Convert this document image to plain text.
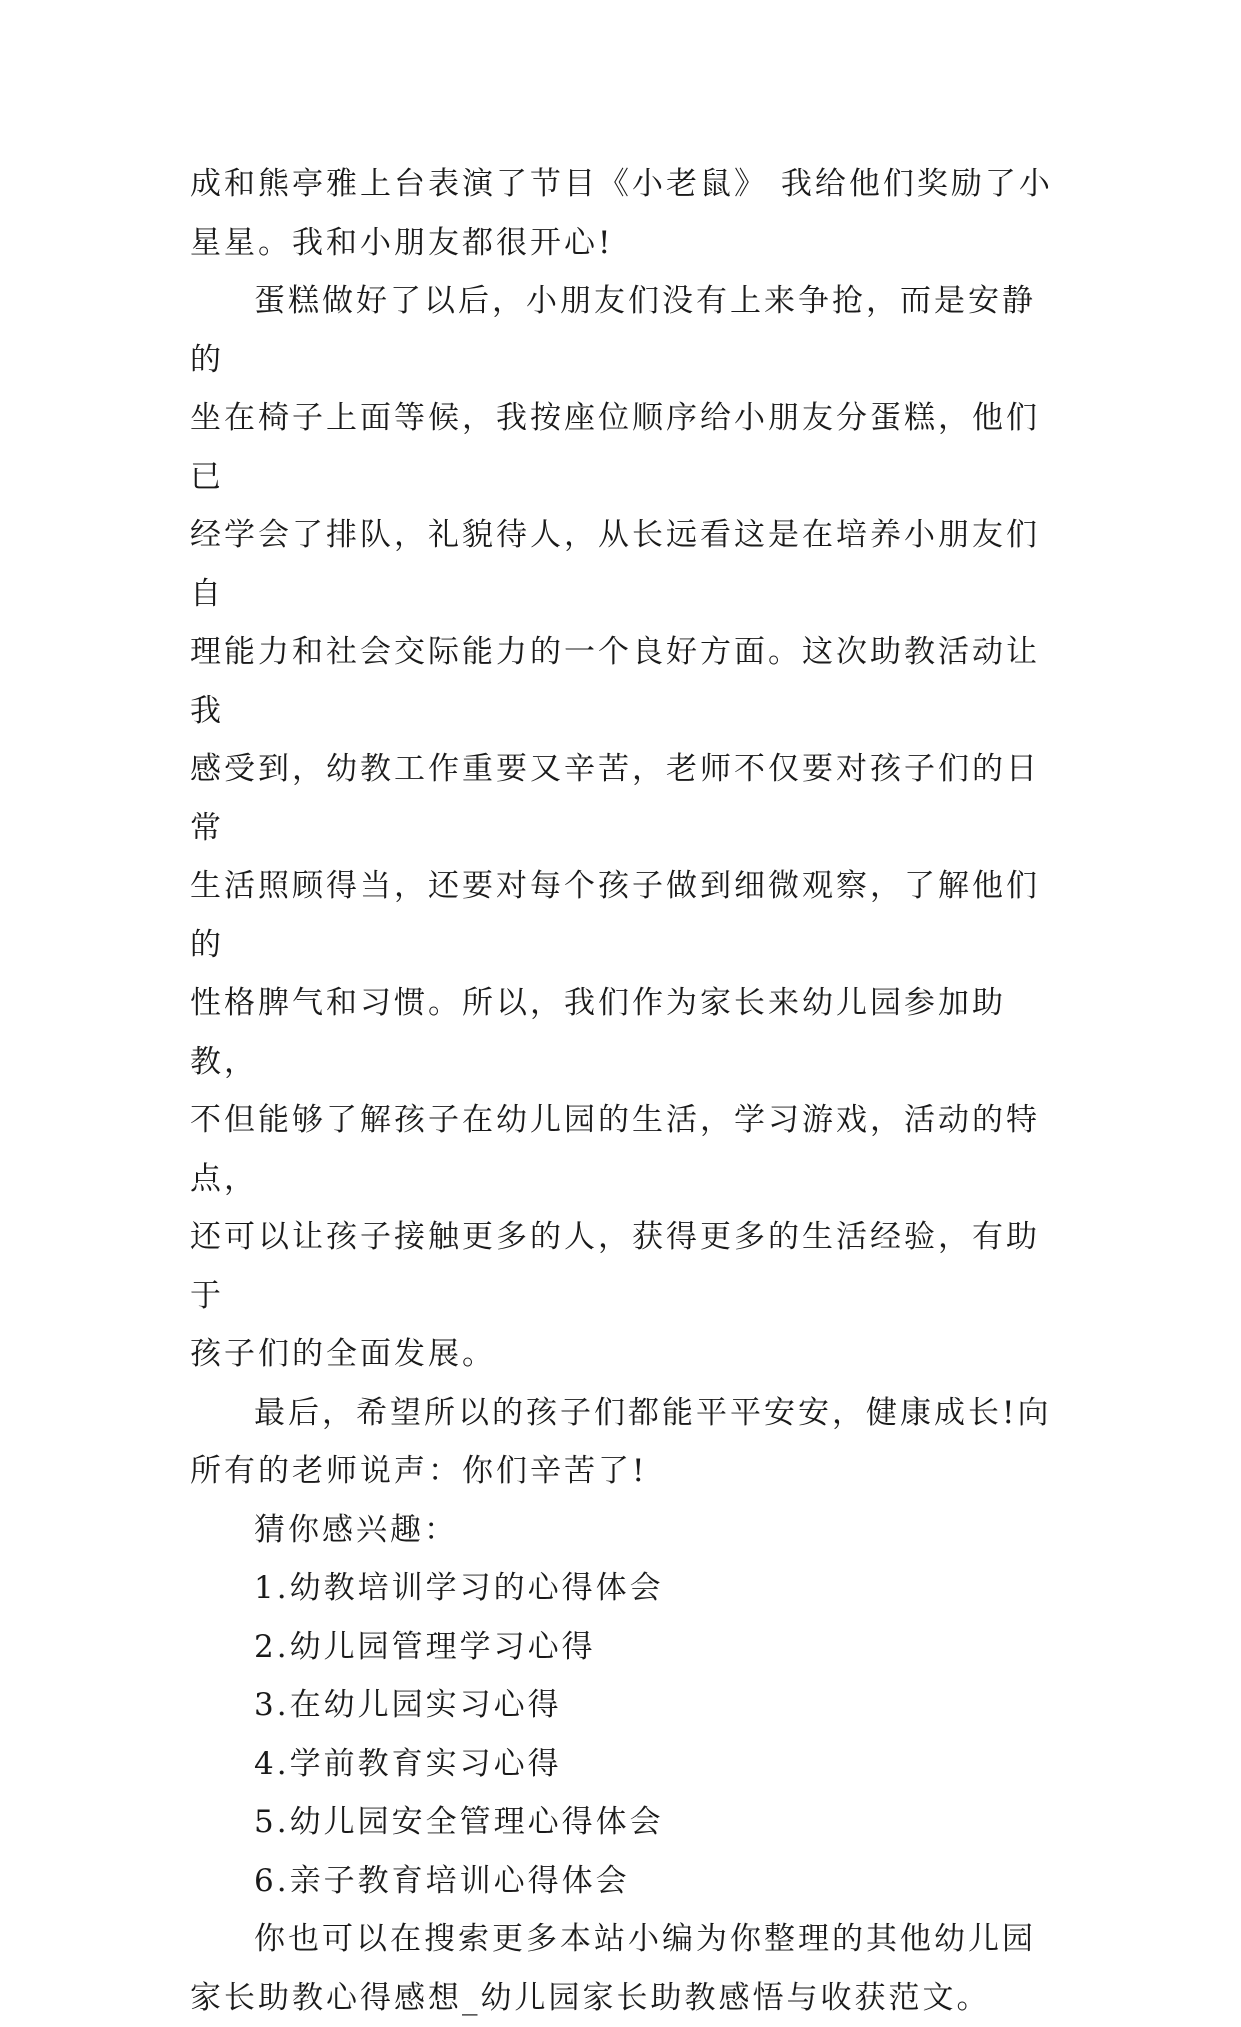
成和熊亭雅上台表演了节目《小老鼠》 我给他们奖励了小
星星。我和小朋友都很开心!

蛋糕做好了以后，小朋友们没有上来争抢，而是安静的
坐在椅子上面等候，我按座位顺序给小朋友分蛋糕，他们已
经学会了排队，礼貌待人，从长远看这是在培养小朋友们自
理能力和社会交际能力的一个良好方面。这次助教活动让我
感受到，幼教工作重要又辛苦，老师不仅要对孩子们的日常
生活照顾得当，还要对每个孩子做到细微观察，了解他们的
性格脾气和习惯。所以，我们作为家长来幼儿园参加助教，
不但能够了解孩子在幼儿园的生活，学习游戏，活动的特点，
还可以让孩子接触更多的人，获得更多的生活经验，有助于
孩子们的全面发展。

最后，希望所以的孩子们都能平平安安，健康成长!向
所有的老师说声：你们辛苦了!

猜你感兴趣：

1.幼教培训学习的心得体会

2.幼儿园管理学习心得

3.在幼儿园实习心得

4.学前教育实习心得

5.幼儿园安全管理心得体会

6.亲子教育培训心得体会

你也可以在搜索更多本站小编为你整理的其他幼儿园
家长助教心得感想_幼儿园家长助教感悟与收获范文。
